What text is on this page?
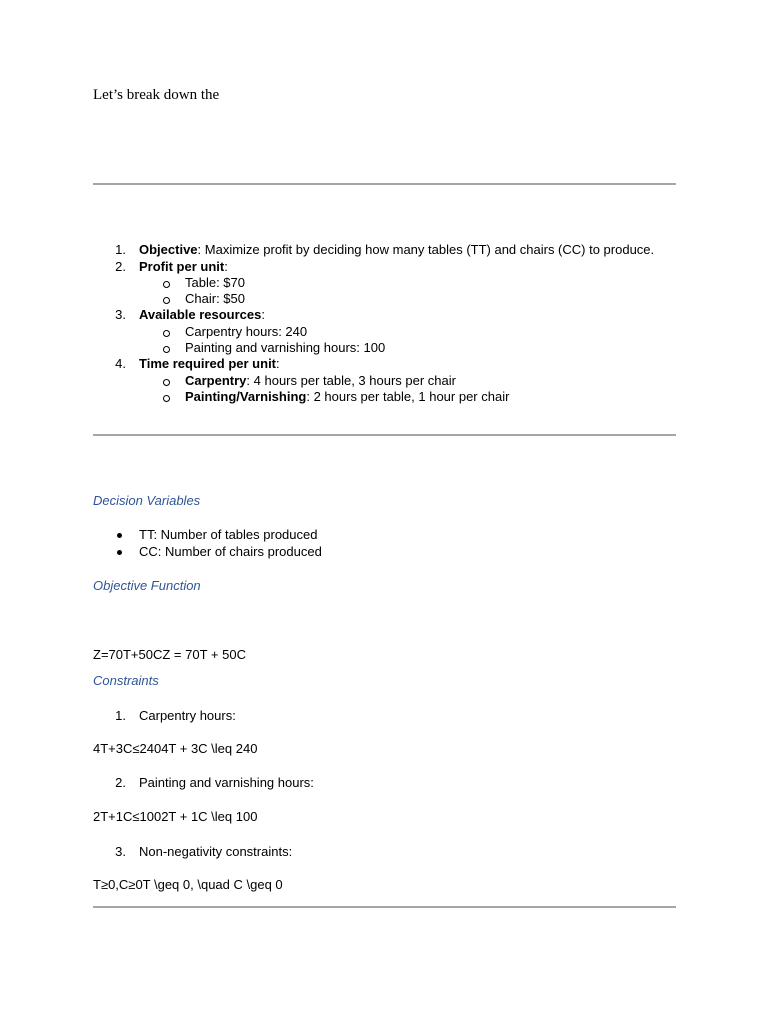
Let’s break down the
1. Objective: Maximize profit by deciding how many tables (TT) and chairs (CC) to produce.
2. Profit per unit:
Table: $70
Chair: $50
3. Available resources:
Carpentry hours: 240
Painting and varnishing hours: 100
4. Time required per unit:
Carpentry: 4 hours per table, 3 hours per chair
Painting/Varnishing: 2 hours per table, 1 hour per chair
Decision Variables
TT: Number of tables produced
CC: Number of chairs produced
Objective Function
Z=70T+50CZ = 70T + 50C
Constraints
1. Carpentry hours:
4T+3C≤2404T + 3C \leq 240
2. Painting and varnishing hours:
2T+1C≤1002T + 1C \leq 100
3. Non-negativity constraints:
T≥0,C≥0T \geq 0, \quad C \geq 0
